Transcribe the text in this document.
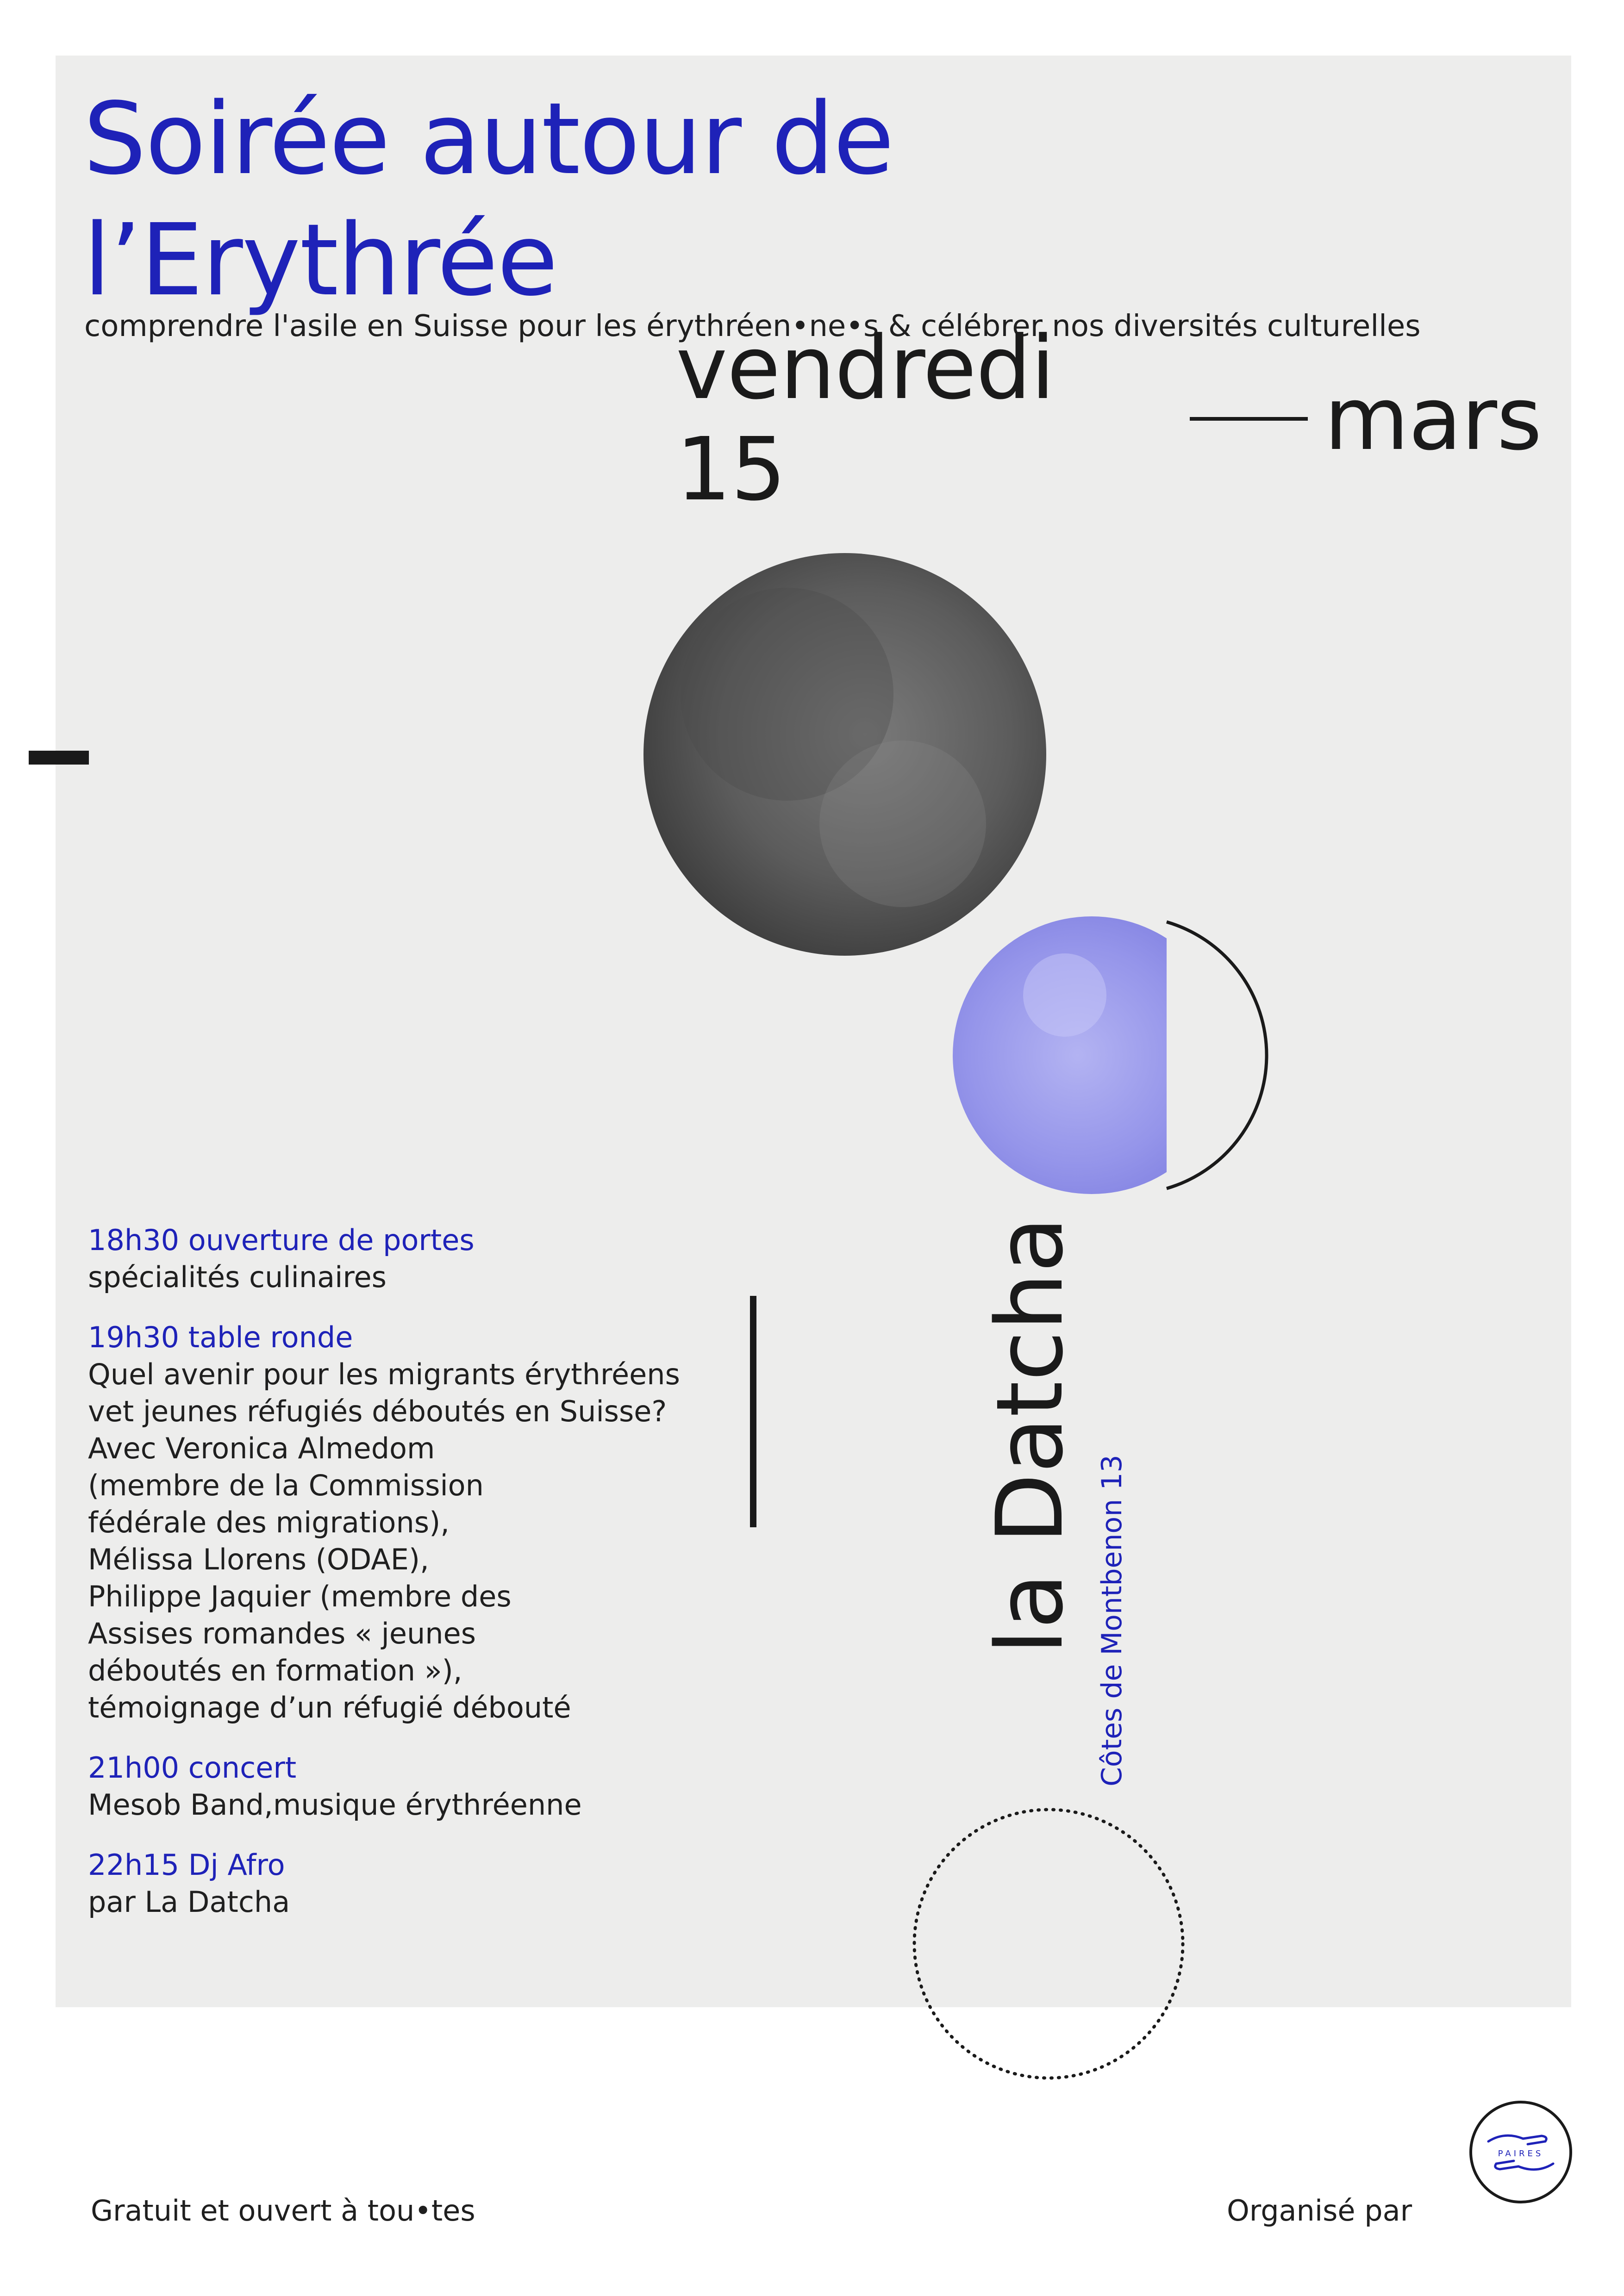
Soirée autour de
l’Erythrée
comprendre l'asile en Suisse pour les érythréen•ne•s & célébrer nos diversités culturelles
vendredi 15	mars
la Datcha Côtes de Montbenon 13
18h30 ouverture de portes
spécialités culinaires
19h30 table ronde
Quel avenir pour les migrants érythréens
vet jeunes réfugiés déboutés en Suisse?
Avec Veronica Almedom
(membre de la Commission
fédérale des migrations),
Mélissa Llorens (ODAE),
Philippe Jaquier (membre des
Assises romandes « jeunes
déboutés en formation »),
témoignage d’un réfugié débouté
21h00 concert
Mesob Band,musique érythréenne
22h15 Dj Afro
par La Datcha
Gratuit et ouvert à tou•tes	Organisé par
PAIRES
